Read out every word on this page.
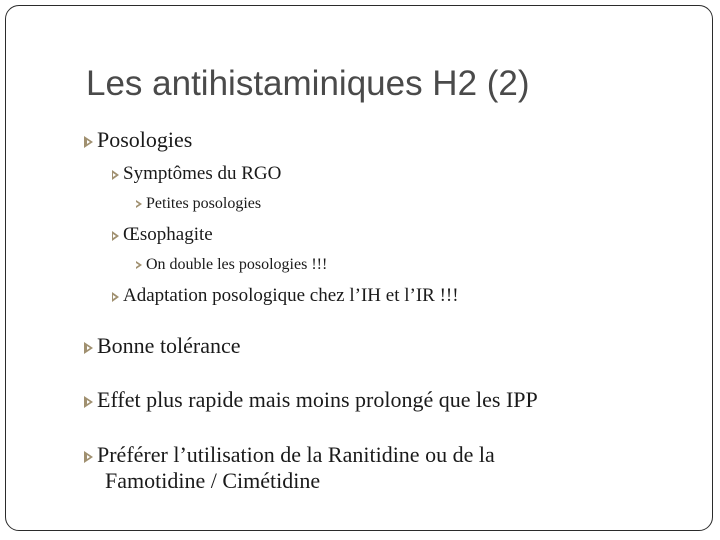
Les antihistaminiques H2 (2)
Posologies
Symptômes du RGO
Petites posologies
Œsophagite
On double les posologies !!!
Adaptation posologique chez l’IH et l’IR !!!
Bonne tolérance
Effet plus rapide mais moins prolongé que les IPP
Préférer l’utilisation de la Ranitidine ou de la
Famotidine / Cimétidine
